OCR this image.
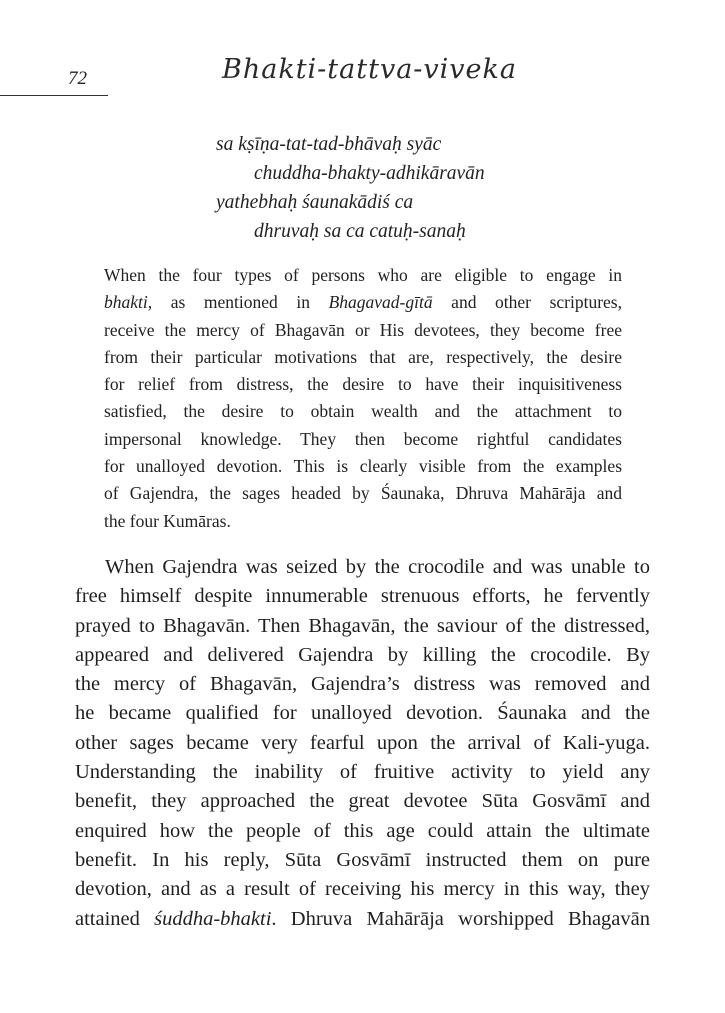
72	Bhakti-tattva-viveka
sa kṣīṇa-tat-tad-bhāvaḥ syāc
chuddha-bhakty-adhikāravān
yathebhaḥ śaunakādiś ca
dhruvaḥ sa ca catuḥ-sanaḥ
When the four types of persons who are eligible to engage in
bhakti, as mentioned in Bhagavad-gītā and other scriptures,
receive the mercy of Bhagavān or His devotees, they become free
from their particular motivations that are, respectively, the desire
for relief from distress, the desire to have their inquisitiveness
satisfied, the desire to obtain wealth and the attachment to
impersonal knowledge. They then become rightful candidates
for unalloyed devotion. This is clearly visible from the examples
of Gajendra, the sages headed by Śaunaka, Dhruva Mahārāja and
the four Kumāras.
When Gajendra was seized by the crocodile and was unable to
free himself despite innumerable strenuous efforts, he fervently
prayed to Bhagavān. Then Bhagavān, the saviour of the distressed,
appeared and delivered Gajendra by killing the crocodile. By
the mercy of Bhagavān, Gajendra’s distress was removed and
he became qualified for unalloyed devotion. Śaunaka and the
other sages became very fearful upon the arrival of Kali-yuga.
Understanding the inability of fruitive activity to yield any
benefit, they approached the great devotee Sūta Gosvāmī and
enquired how the people of this age could attain the ultimate
benefit. In his reply, Sūta Gosvāmī instructed them on pure
devotion, and as a result of receiving his mercy in this way, they
attained śuddha-bhakti. Dhruva Mahārāja worshipped Bhagavān
